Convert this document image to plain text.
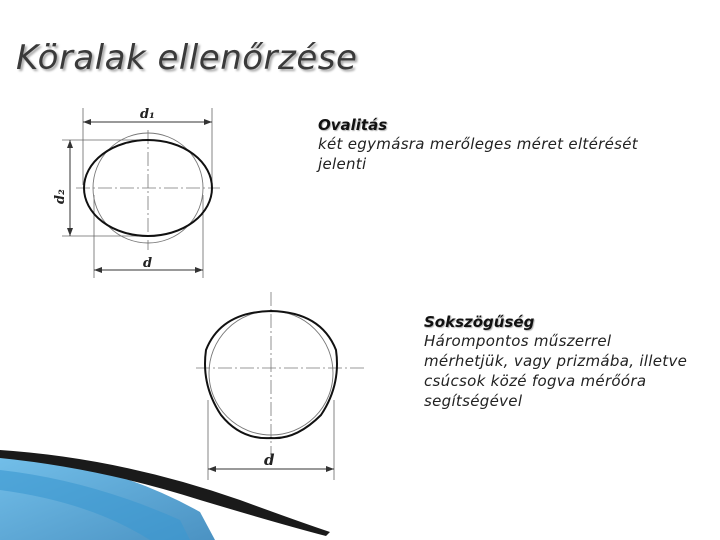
Köralak ellenőrzése
d₁
d
d₂
Ovalitás
két egymásra merőleges méret eltérését jelenti
d
Sokszögűség
Hárompontos műszerrel mérhetjük, vagy prizmába, illetve csúcsok közé fogva mérőóra segítségével
